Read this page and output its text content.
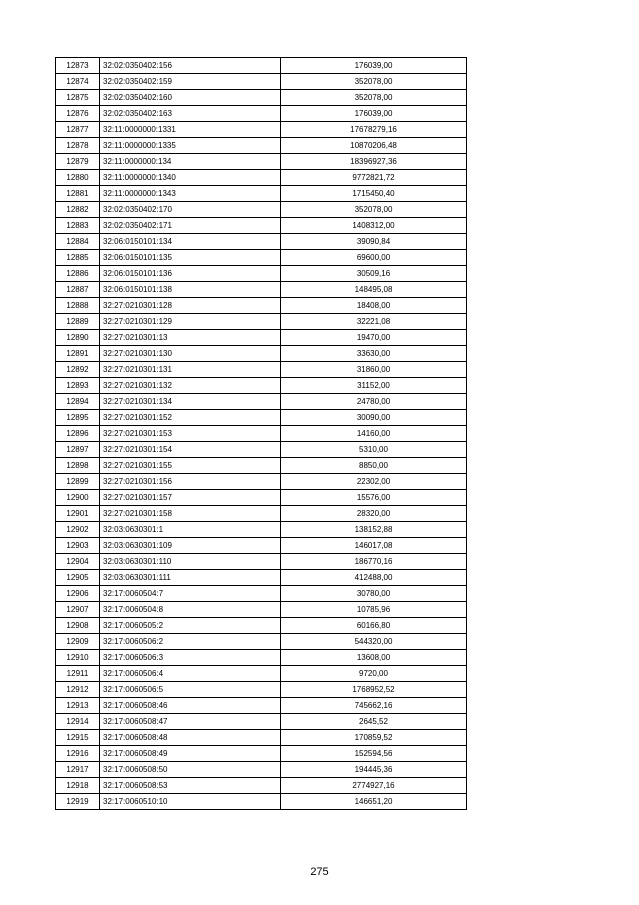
12873	32:02:0350402:156	176039,00
12874	32:02:0350402:159	352078,00
12875	32:02:0350402:160	352078,00
12876	32:02:0350402:163	176039,00
12877	32:11:0000000:1331	17678279,16
12878	32:11:0000000:1335	10870206,48
12879	32:11:0000000:134	18396927,36
12880	32:11:0000000:1340	9772821,72
12881	32:11:0000000:1343	1715450,40
12882	32:02:0350402:170	352078,00
12883	32:02:0350402:171	1408312,00
12884	32:06:0150101:134	39090,84
12885	32:06:0150101:135	69600,00
12886	32:06:0150101:136	30509,16
12887	32:06:0150101:138	148495,08
12888	32:27:0210301:128	18408,00
12889	32:27:0210301:129	32221,08
12890	32:27:0210301:13	19470,00
12891	32:27:0210301:130	33630,00
12892	32:27:0210301:131	31860,00
12893	32:27:0210301:132	31152,00
12894	32:27:0210301:134	24780,00
12895	32:27:0210301:152	30090,00
12896	32:27:0210301:153	14160,00
12897	32:27:0210301:154	5310,00
12898	32:27:0210301:155	8850,00
12899	32:27:0210301:156	22302,00
12900	32:27:0210301:157	15576,00
12901	32:27:0210301:158	28320,00
12902	32:03:0630301:1	138152,88
12903	32:03:0630301:109	146017,08
12904	32:03:0630301:110	186770,16
12905	32:03:0630301:111	412488,00
12906	32:17:0060504:7	30780,00
12907	32:17:0060504:8	10785,96
12908	32:17:0060505:2	60166,80
12909	32:17:0060506:2	544320,00
12910	32:17:0060506:3	13608,00
12911	32:17:0060506:4	9720,00
12912	32:17:0060506:5	1768952,52
12913	32:17:0060508:46	745662,16
12914	32:17:0060508:47	2645,52
12915	32:17:0060508:48	170859,52
12916	32:17:0060508:49	152594,56
12917	32:17:0060508:50	194445,36
12918	32:17:0060508:53	2774927,16
12919	32:17:0060510:10	146651,20
275
